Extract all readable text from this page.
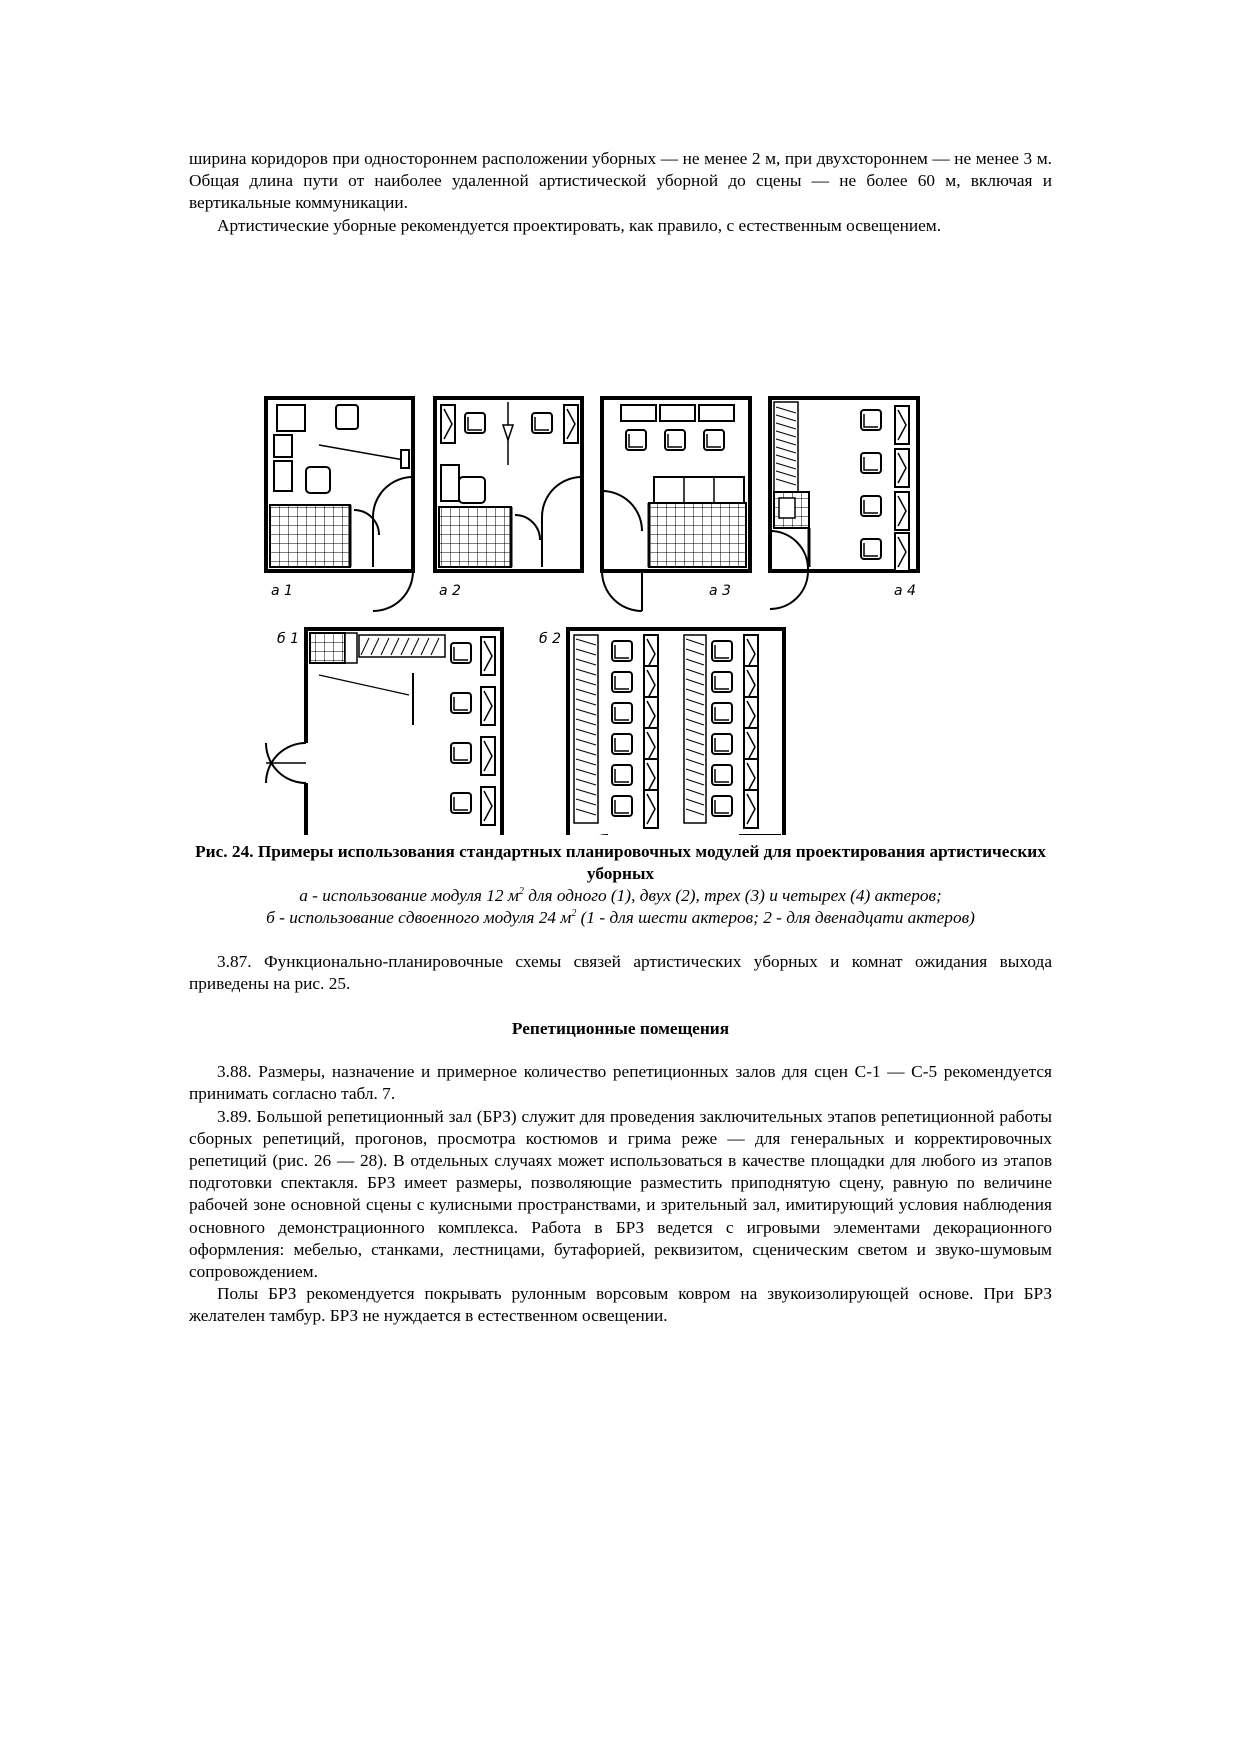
ширина коридоров при одностороннем расположении уборных — не менее 2 м, при двухстороннем — не менее 3 м. Общая длина пути от наиболее удаленной артистической уборной до сцены — не более 60 м, включая и вертикальные коммуникации.

Артистические уборные рекомендуется проектировать, как правило, с естественным освещением.

а 1	а 2	а 3	а 4
б 1	б 2
Рис. 24. Примеры использования стандартных планировочных модулей для проектирования артистических уборных
а - использование модуля 12 $м^2$ для одного (1), двух (2), трех (3) и четырех (4) актеров;
б - использование сдвоенного модуля 24 $м^2$ (1 - для шести актеров; 2 - для двенадцати актеров)

3.87. Функционально-планировочные схемы связей артистических уборных и комнат ожидания выхода приведены на рис. 25.

Репетиционные помещения

3.88. Размеры, назначение и примерное количество репетиционных залов для сцен С-1 — С-5 рекомендуется принимать согласно табл. 7.

3.89. Большой репетиционный зал (БРЗ) служит для проведения заключительных этапов репетиционной работы сборных репетиций, прогонов, просмотра костюмов и грима реже — для генеральных и корректировочных репетиций (рис. 26 — 28). В отдельных случаях может использоваться в качестве площадки для любого из этапов подготовки спектакля. БРЗ имеет размеры, позволяющие разместить приподнятую сцену, равную по величине рабочей зоне основной сцены с кулисными пространствами, и зрительный зал, имитирующий условия наблюдения основного демонстрационного комплекса. Работа в БРЗ ведется с игровыми элементами декорационного оформления: мебелью, станками, лестницами, бутафорией, реквизитом, сценическим светом и звуко-шумовым сопровождением.

Полы БРЗ рекомендуется покрывать рулонным ворсовым ковром на звукоизолирующей основе. При БРЗ желателен тамбур. БРЗ не нуждается в естественном освещении.
